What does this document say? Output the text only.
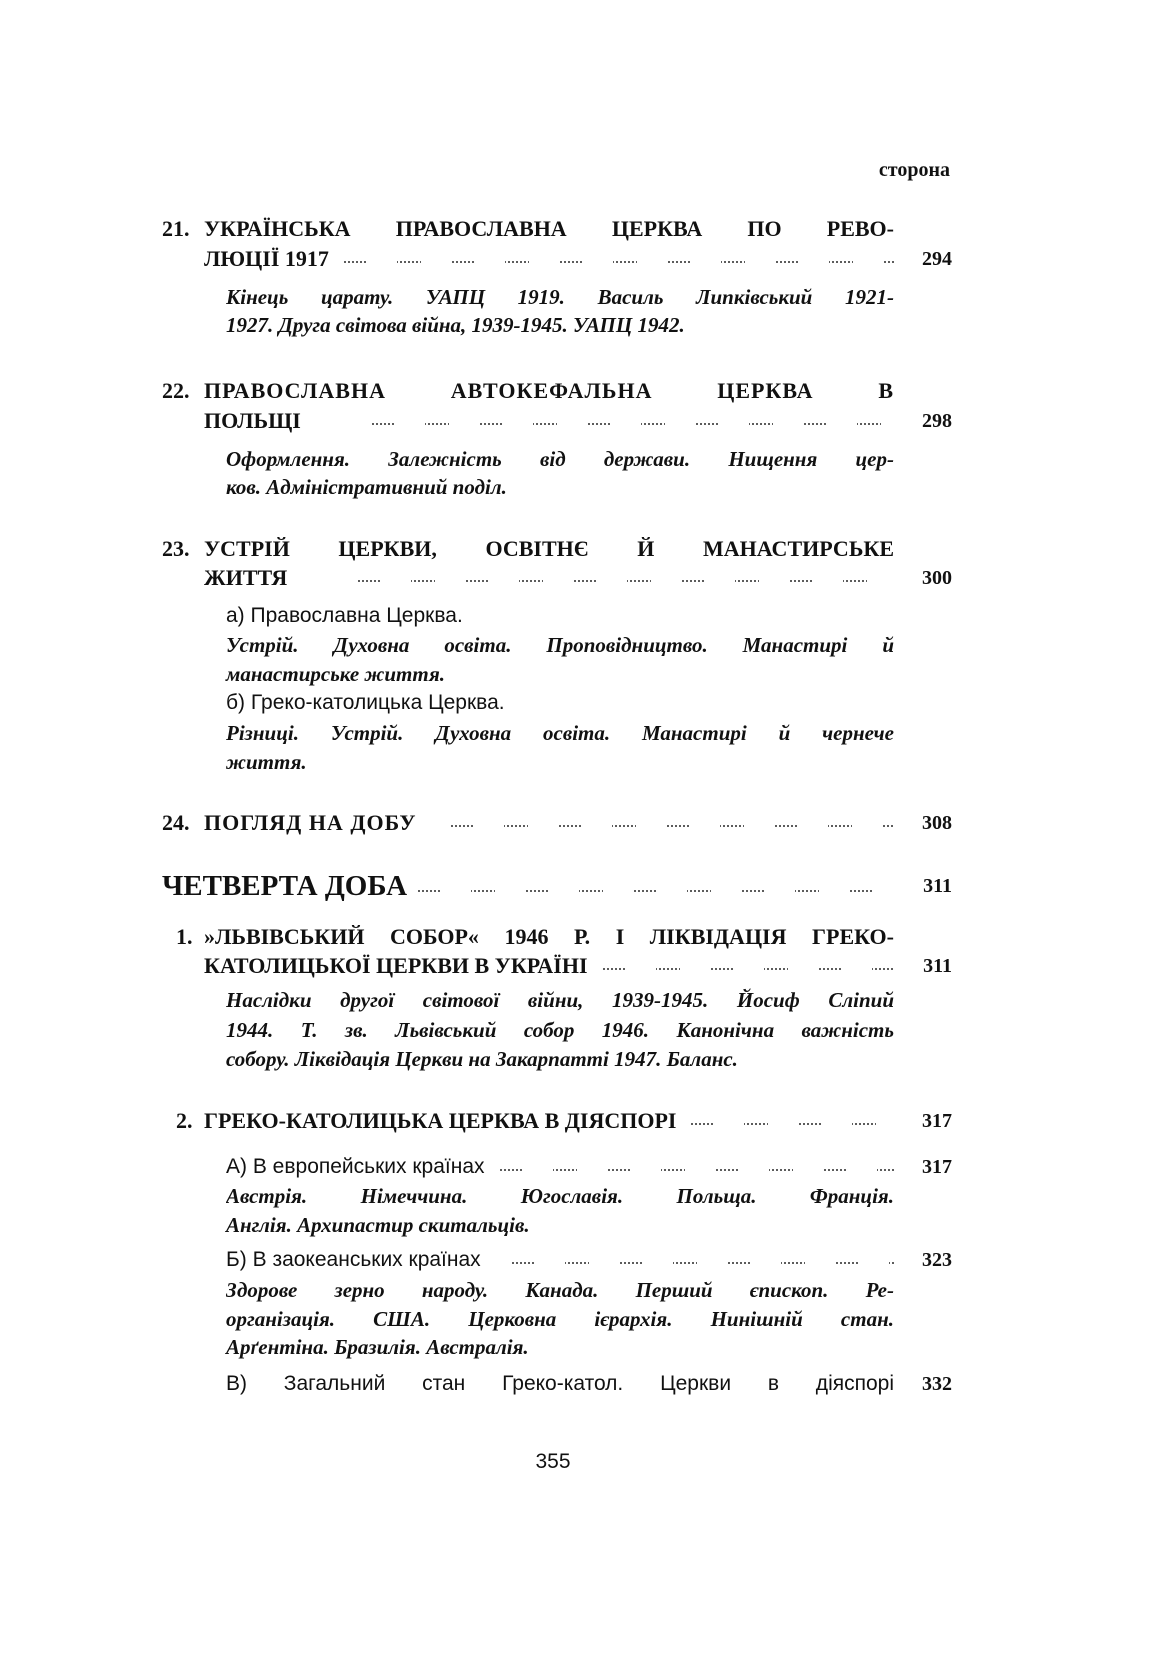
сторона
21. УКРАЇНСЬКА ПРАВОСЛАВНА ЦЕРКВА ПО РЕВО-
ЛЮЦІЇ 1917	294
Кінець царату. УАПЦ 1919. Василь Липківський 1921-
1927. Друга світова війна, 1939-1945. УАПЦ 1942.
22. ПРАВОСЛАВНА АВТОКЕФАЛЬНА ЦЕРКВА В
ПОЛЬЩІ	298
Оформлення. Залежність від держави. Нищення цер-
ков. Адміністративний поділ.
23. УСТРІЙ ЦЕРКВИ, ОСВІТНЄ Й МАНАСТИРСЬКЕ
ЖИТТЯ	300
а) Православна Церква.
Устрій. Духовна освіта. Проповідництво. Манастирі й
манастирське життя.
б) Греко-католицька Церква.
Різниці. Устрій. Духовна освіта. Манастирі й чернече
життя.
24. ПОГЛЯД НА ДОБУ	308
ЧЕТВЕРТА ДОБА	311
1. »ЛЬВІВСЬКИЙ СОБОР« 1946 Р. І ЛІКВІДАЦІЯ ГРЕКО-
КАТОЛИЦЬКОЇ ЦЕРКВИ В УКРАЇНІ	311
Наслідки другої світової війни, 1939-1945. Йосиф Сліпий
1944. Т. зв. Львівський собор 1946. Канонічна важність
собору. Ліквідація Церкви на Закарпатті 1947. Баланс.
2. ГРЕКО-КАТОЛИЦЬКА ЦЕРКВА В ДІЯСПОРІ	317
А) В европейських країнах	317
Австрія. Німеччина. Югославія. Польща. Франція.
Англія. Архипастир скитальців.
Б) В заокеанських країнах	323
Здорове зерно народу. Канада. Перший єпископ. Ре-
організація. США. Церковна ієрархія. Нинішній стан.
Арґентіна. Бразилія. Австралія.
В) Загальний стан Греко-катол. Церкви в діяспорі	332
355
